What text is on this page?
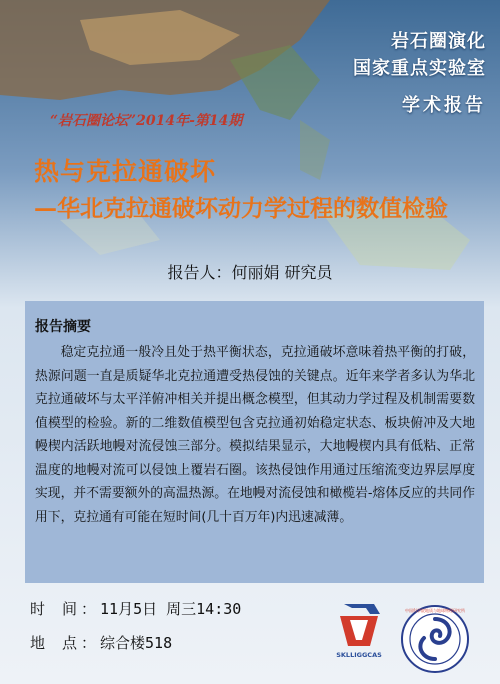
岩石圈演化
国家重点实验室
学术报告
“岩石圈论坛”2014年-第14期
热与克拉通破坏
—华北克拉通破坏动力学过程的数值检验
报告人：何丽娟 研究员
报告摘要
稳定克拉通一般冷且处于热平衡状态，克拉通破坏意味着热平衡的打破，热源问题一直是质疑华北克拉通遭受热侵蚀的关键点。近年来学者多认为华北克拉通破坏与太平洋俯冲相关并提出概念模型，但其动力学过程及机制需要数值模型的检验。新的二维数值模型包含克拉通初始稳定状态、板块俯冲及大地幔楔内活跃地幔对流侵蚀三部分。模拟结果显示，大地幔楔内具有低粘、正常温度的地幔对流可以侵蚀上覆岩石圈。该热侵蚀作用通过压缩流变边界层厚度实现，并不需要额外的高温热源。在地幔对流侵蚀和橄榄岩-熔体反应的共同作用下，克拉通有可能在短时间(几十百万年)内迅速减薄。
时 间：11月5日 周三14:30
地 点：综合楼518
SKLLIGGCAS
中国科学院地质与地球物理研究所
